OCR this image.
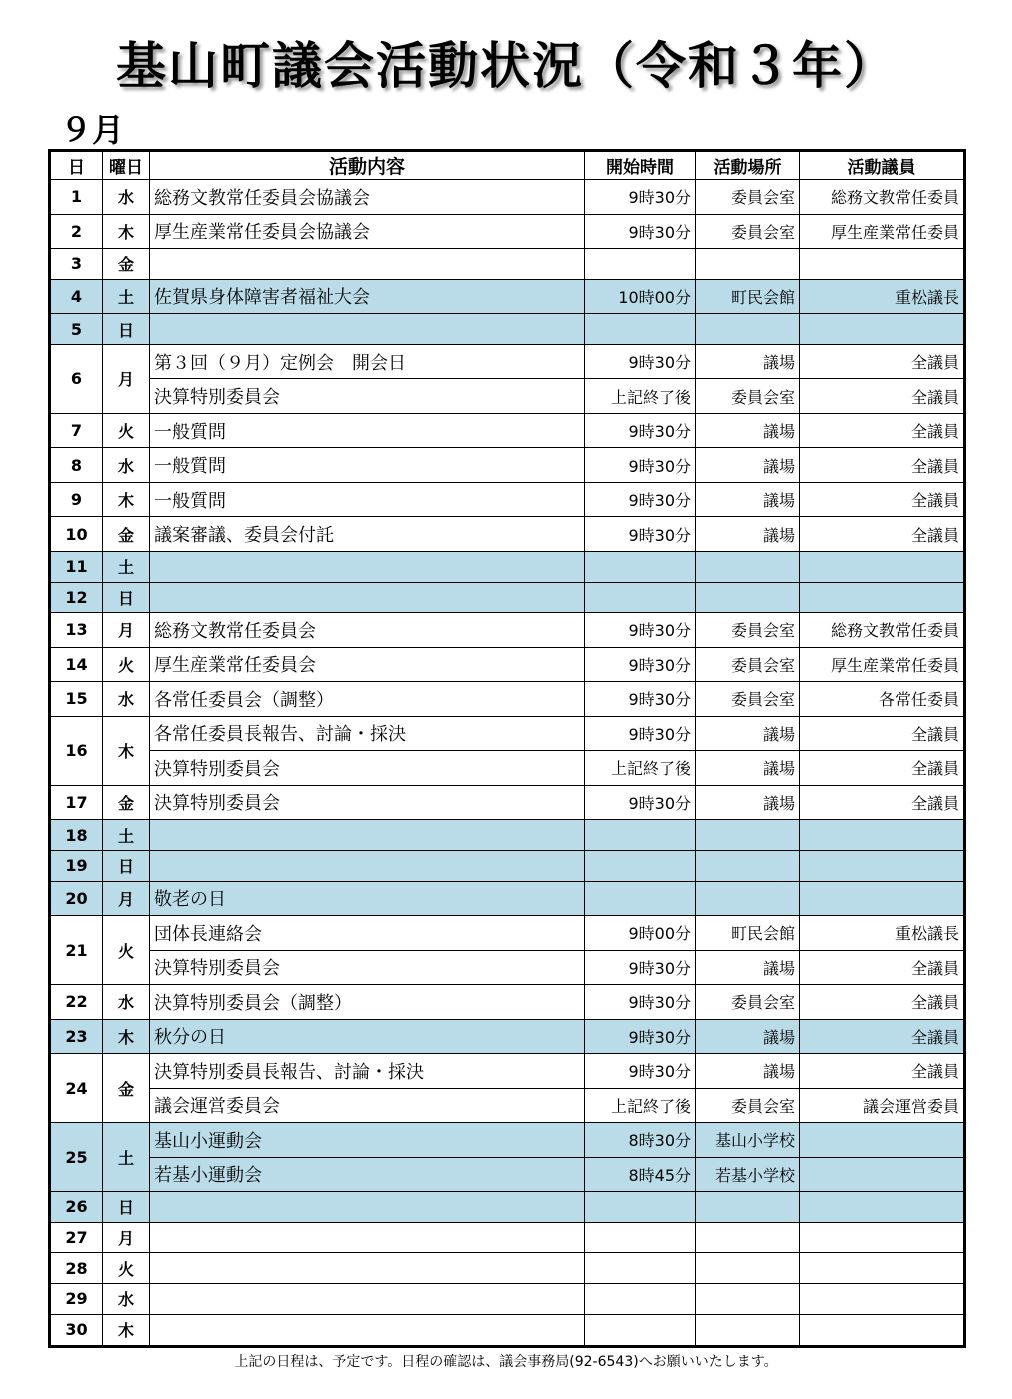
基山町議会活動状況（令和３年）
９月
日	曜日	活動内容	開始時間	活動場所	活動議員
1	水	総務文教常任委員会協議会	9時30分	委員会室	総務文教常任委員
2	木	厚生産業常任委員会協議会	9時30分	委員会室	厚生産業常任委員
3	金				
4	土	佐賀県身体障害者福祉大会	10時00分	町民会館	重松議長
5	日				
6	月	第３回（９月）定例会　開会日	9時30分	議場	全議員
		決算特別委員会	上記終了後	委員会室	全議員
7	火	一般質問	9時30分	議場	全議員
8	水	一般質問	9時30分	議場	全議員
9	木	一般質問	9時30分	議場	全議員
10	金	議案審議、委員会付託	9時30分	議場	全議員
11	土				
12	日				
13	月	総務文教常任委員会	9時30分	委員会室	総務文教常任委員
14	火	厚生産業常任委員会	9時30分	委員会室	厚生産業常任委員
15	水	各常任委員会（調整）	9時30分	委員会室	各常任委員
16	木	各常任委員長報告、討論・採決	9時30分	議場	全議員
		決算特別委員会	上記終了後	議場	全議員
17	金	決算特別委員会	9時30分	議場	全議員
18	土				
19	日				
20	月	敬老の日			
21	火	団体長連絡会	9時00分	町民会館	重松議長
		決算特別委員会	9時30分	議場	全議員
22	水	決算特別委員会（調整）	9時30分	委員会室	全議員
23	木	秋分の日	9時30分	議場	全議員
24	金	決算特別委員長報告、討論・採決	9時30分	議場	全議員
		議会運営委員会	上記終了後	委員会室	議会運営委員
25	土	基山小運動会	8時30分	基山小学校	
		若基小運動会	8時45分	若基小学校	
26	日				
27	月				
28	火				
29	水				
30	木				
上記の日程は、予定です。日程の確認は、議会事務局(92-6543)へお願いいたします。
